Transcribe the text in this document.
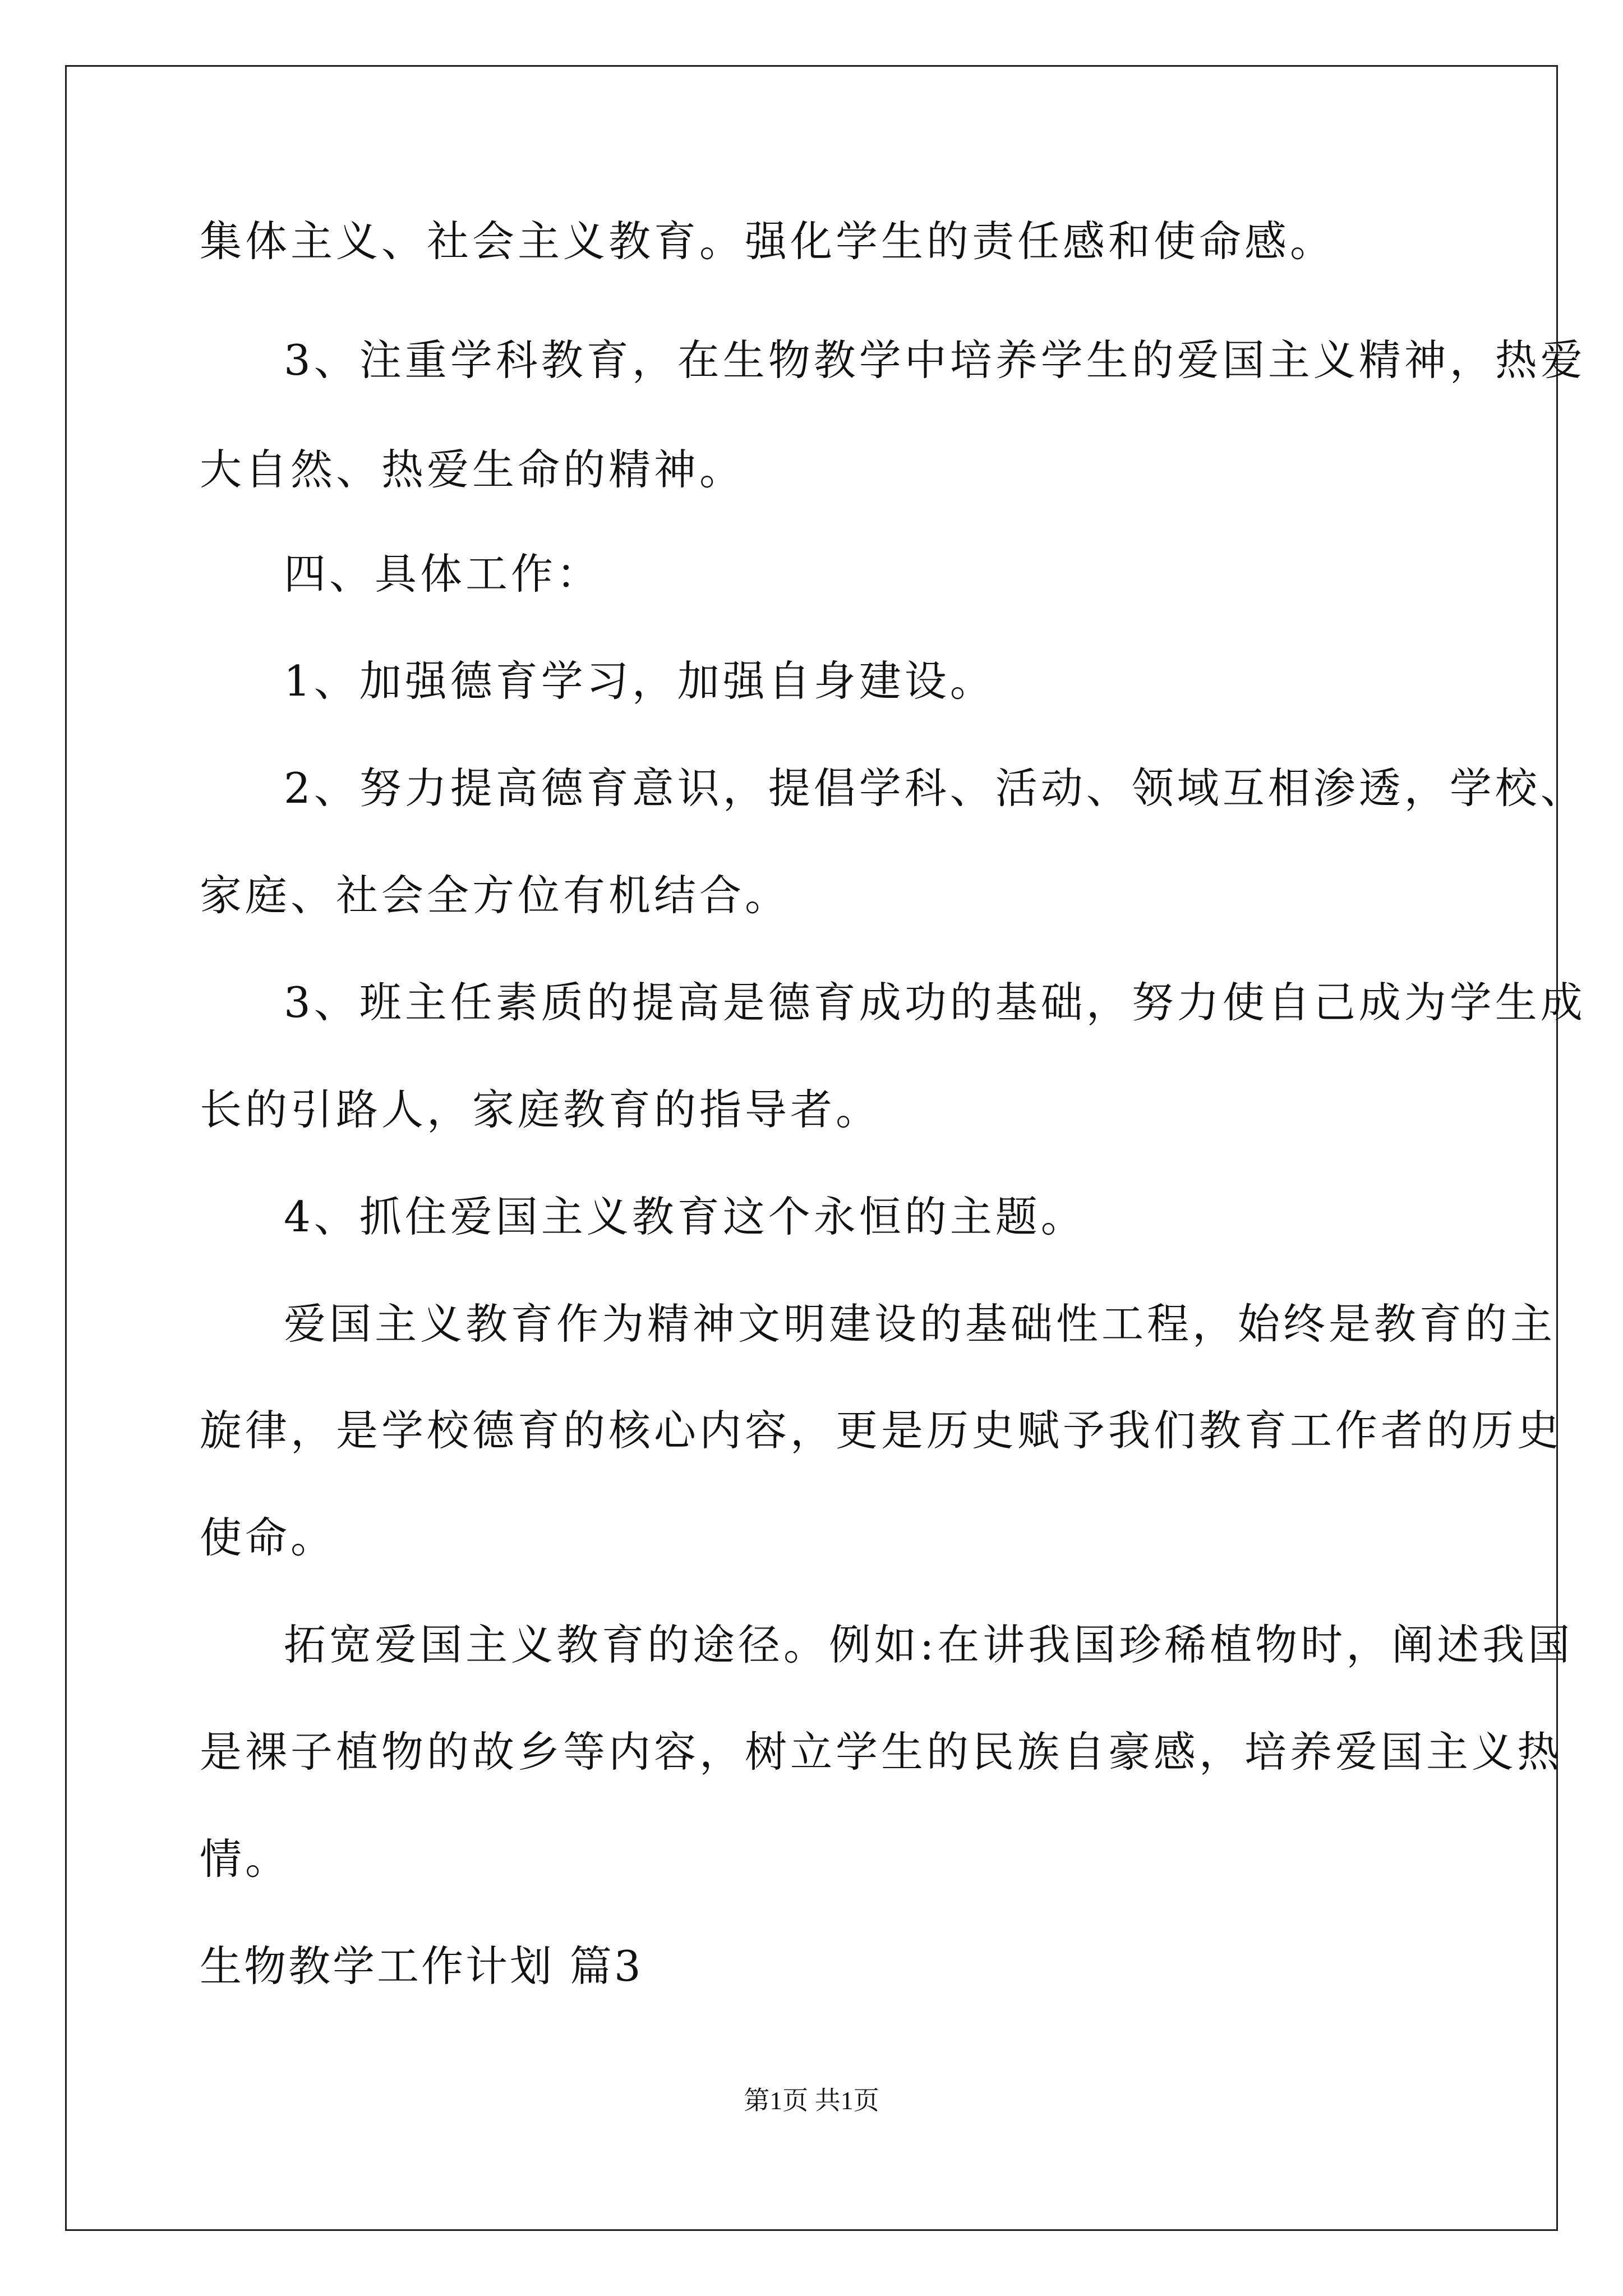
集体主义、社会主义教育。强化学生的责任感和使命感。
3、注重学科教育，在生物教学中培养学生的爱国主义精神，热爱
大自然、热爱生命的精神。
四、具体工作：
1、加强德育学习，加强自身建设。
2、努力提高德育意识，提倡学科、活动、领域互相渗透，学校、
家庭、社会全方位有机结合。
3、班主任素质的提高是德育成功的基础，努力使自己成为学生成
长的引路人，家庭教育的指导者。
4、抓住爱国主义教育这个永恒的主题。
爱国主义教育作为精神文明建设的基础性工程，始终是教育的主
旋律，是学校德育的核心内容，更是历史赋予我们教育工作者的历史
使命。
拓宽爱国主义教育的途径。例如:在讲我国珍稀植物时，阐述我国
是裸子植物的故乡等内容，树立学生的民族自豪感，培养爱国主义热
情。
生物教学工作计划 篇3
第1页 共1页
